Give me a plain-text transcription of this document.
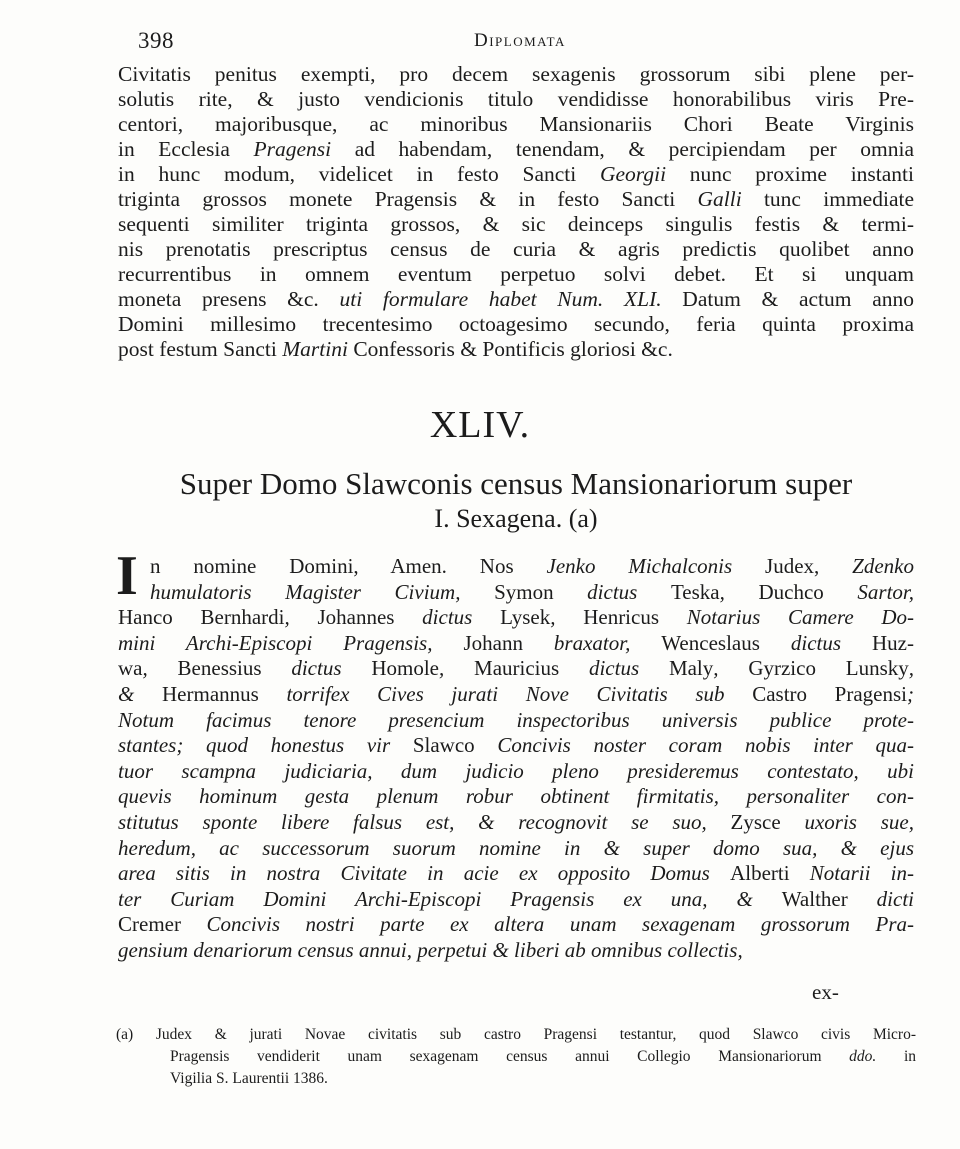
398	Diplomata
Civitatis penitus exempti, pro decem sexagenis grossorum sibi plene per-
solutis rite, & justo vendicionis titulo vendidisse honorabilibus viris Pre-
centori, majoribusque, ac minoribus Mansionariis Chori Beate Virginis
in Ecclesia Pragensi ad habendam, tenendam, & percipiendam per omnia
in hunc modum, videlicet in festo Sancti Georgii nunc proxime instanti
triginta grossos monete Pragensis & in festo Sancti Galli tunc immediate
sequenti similiter triginta grossos, & sic deinceps singulis festis & termi-
nis prenotatis prescriptus census de curia & agris predictis quolibet anno
recurrentibus in omnem eventum perpetuo solvi debet. Et si unquam
moneta presens &c. uti formulare habet Num. XLI. Datum & actum anno
Domini millesimo trecentesimo octoagesimo secundo, feria quinta proxima
post festum Sancti Martini Confessoris & Pontificis gloriosi &c.
XLIV.
Super Domo Slawconis census Mansionariorum super
I. Sexagena. (a)
n nomine Domini, Amen. Nos Jenko Michalconis Judex, Zdenko
humulatoris Magister Civium, Symon dictus Teska, Duchco Sartor,
Hanco Bernhardi, Johannes dictus Lysek, Henricus Notarius Camere Do-
mini Archi-Episcopi Pragensis, Johann braxator, Wenceslaus dictus Huz-
wa, Benessius dictus Homole, Mauricius dictus Maly, Gyrzico Lunsky,
& Hermannus torrifex Cives jurati Nove Civitatis sub Castro Pragensi;
Notum facimus tenore presencium inspectoribus universis publice prote-
stantes; quod honestus vir Slawco Concivis noster coram nobis inter qua-
tuor scampna judiciaria, dum judicio pleno presideremus contestato, ubi
quevis hominum gesta plenum robur obtinent firmitatis, personaliter con-
stitutus sponte libere falsus est, & recognovit se suo, Zysce uxoris sue,
heredum, ac successorum suorum nomine in & super domo sua, & ejus
area sitis in nostra Civitate in acie ex opposito Domus Alberti Notarii in-
ter Curiam Domini Archi-Episcopi Pragensis ex una, & Walther dicti
Cremer Concivis nostri parte ex altera unam sexagenam grossorum Pra-
gensium denariorum census annui, perpetui & liberi ab omnibus collectis,
ex-
(a) Judex & jurati Novae civitatis sub castro Pragensi testantur, quod Slawco civis Micro-
Pragensis vendiderit unam sexagenam census annui Collegio Mansionariorum ddo. in
Vigilia S. Laurentii 1386.
I
